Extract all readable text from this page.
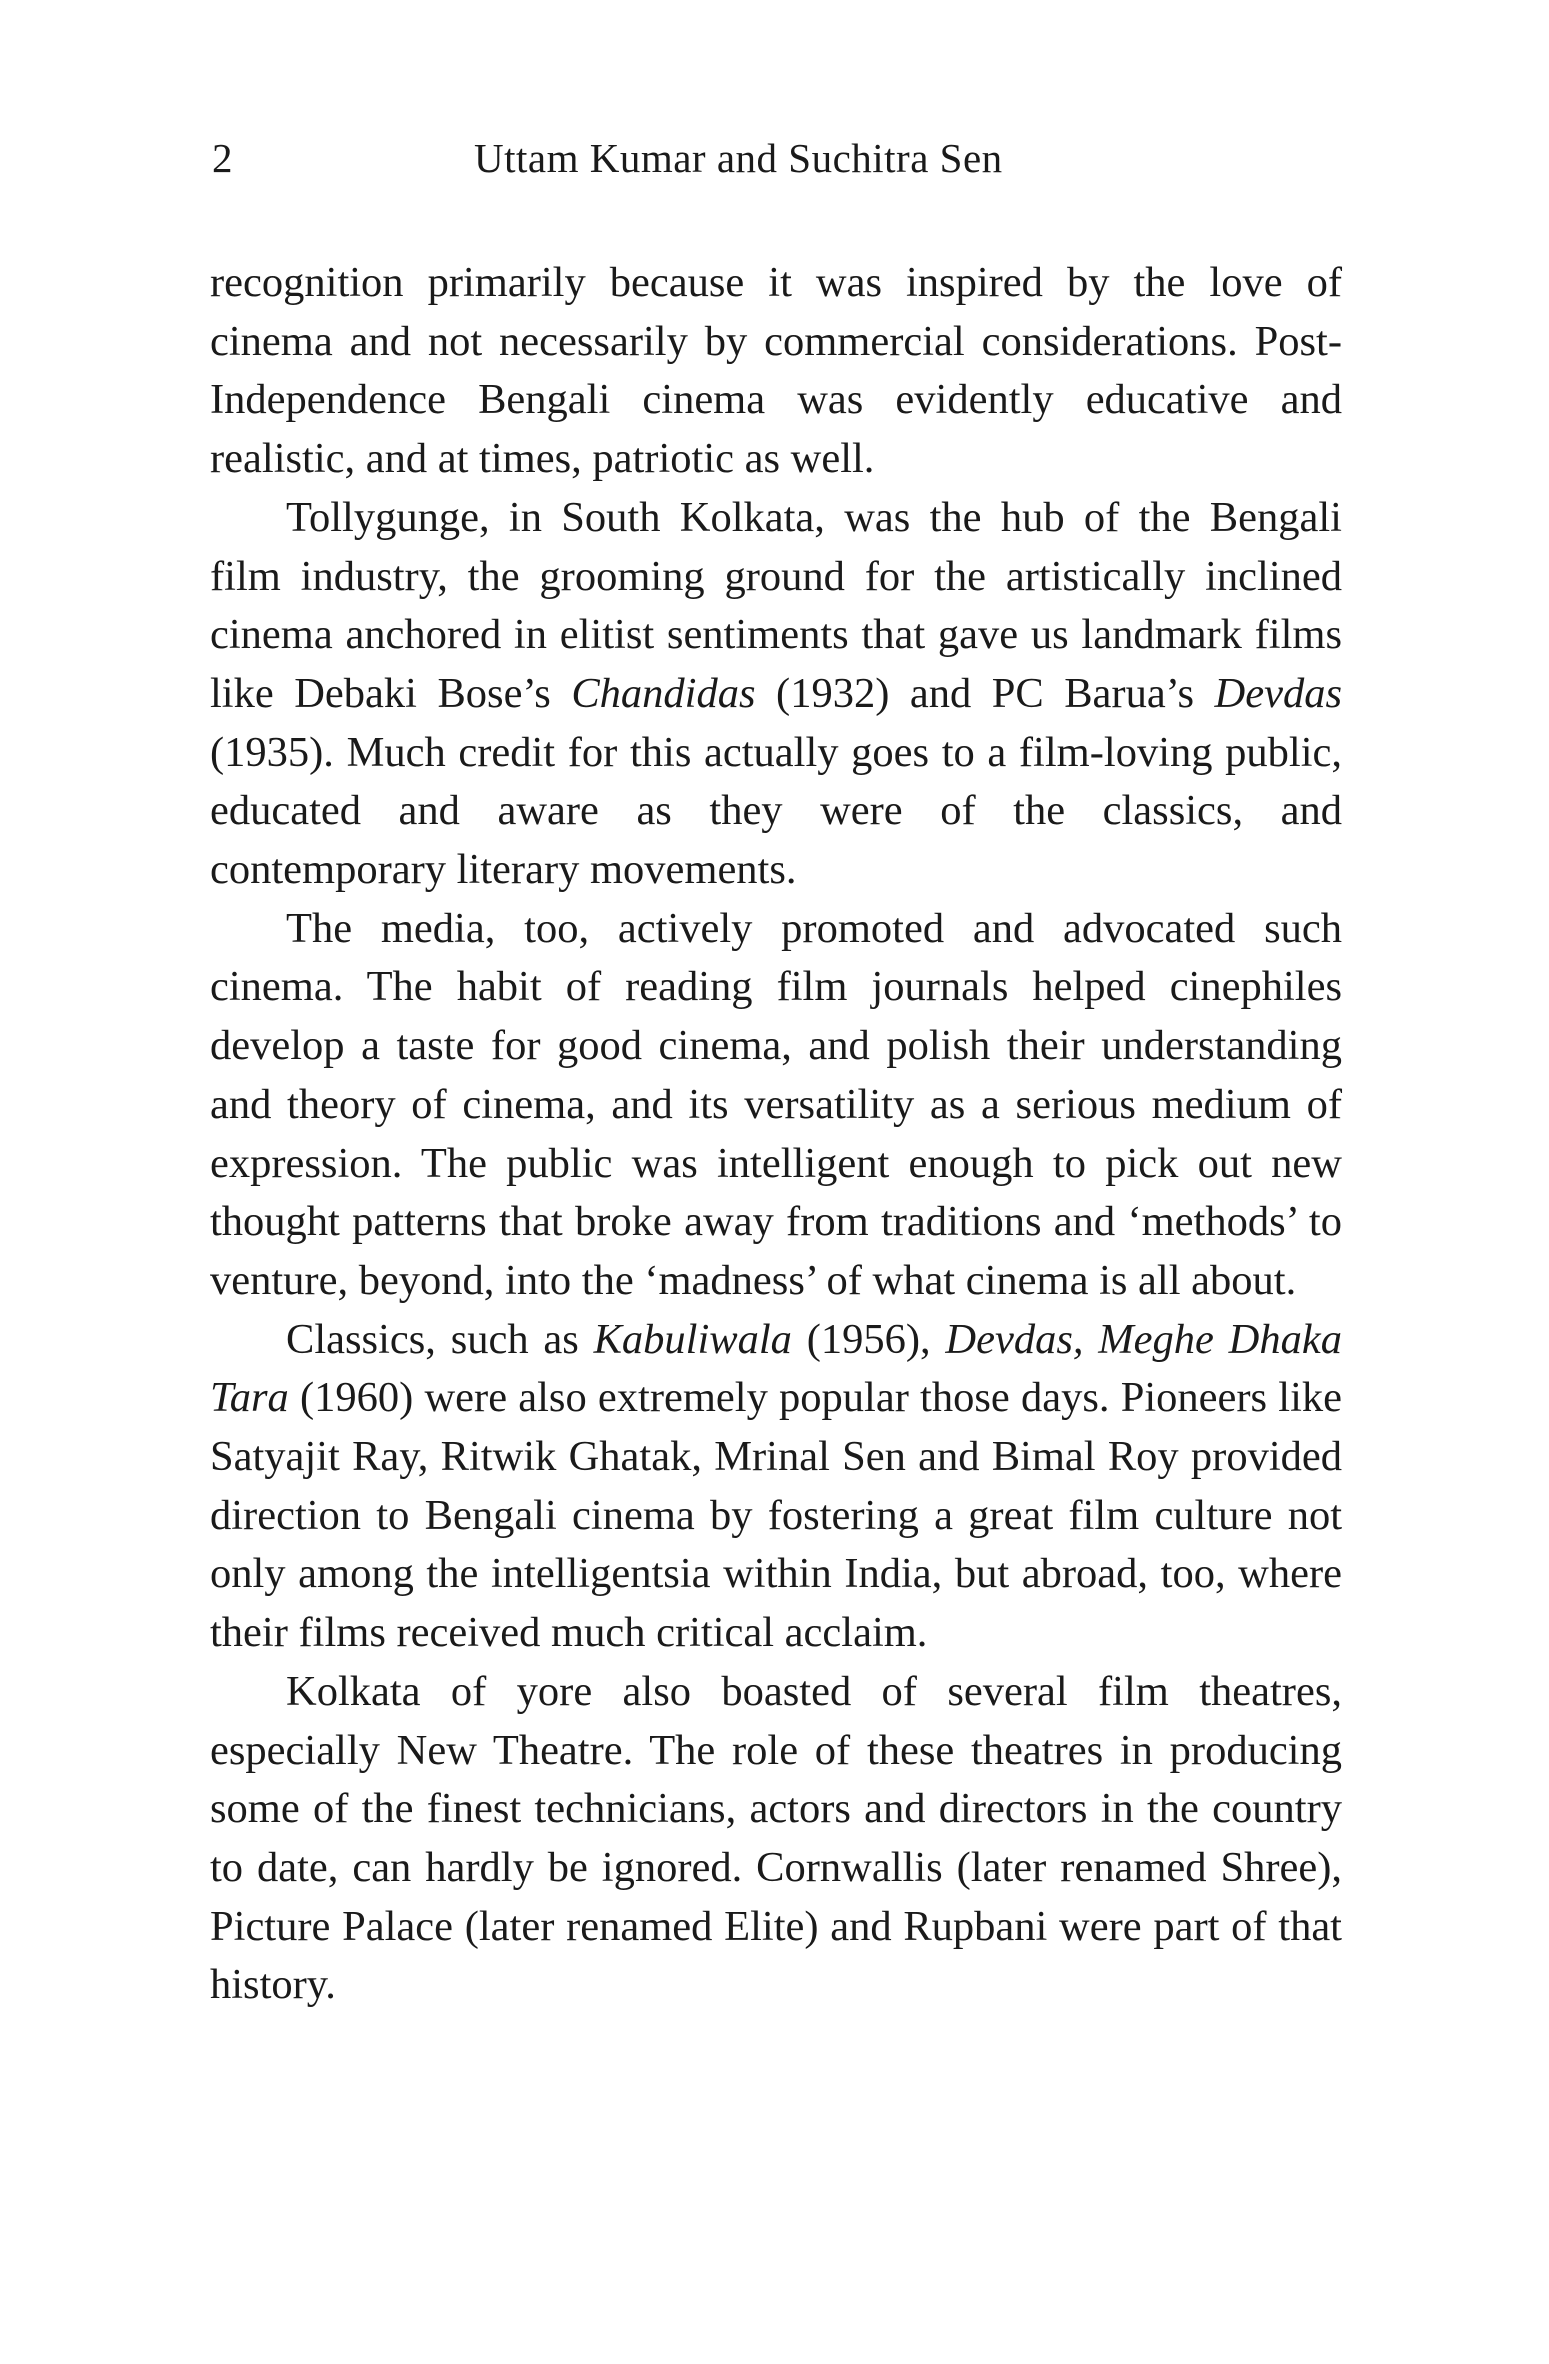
2	Uttam Kumar and Suchitra Sen

recognition primarily because it was inspired by the love of cinema and not necessarily by commercial considerations. Post-Independence Bengali cinema was evidently educative and realistic, and at times, patriotic as well.

Tollygunge, in South Kolkata, was the hub of the Bengali film industry, the grooming ground for the artistically inclined cinema anchored in elitist sentiments that gave us landmark films like Debaki Bose’s Chandidas (1932) and PC Barua’s Devdas (1935). Much credit for this actually goes to a film-loving public, educated and aware as they were of the classics, and contemporary literary movements.

The media, too, actively promoted and advocated such cinema. The habit of reading film journals helped cinephiles develop a taste for good cinema, and polish their understanding and theory of cinema, and its versatility as a serious medium of expression. The public was intelligent enough to pick out new thought patterns that broke away from traditions and ‘methods’ to venture, beyond, into the ‘madness’ of what cinema is all about.

Classics, such as Kabuliwala (1956), Devdas, Meghe Dhaka Tara (1960) were also extremely popular those days. Pioneers like Satyajit Ray, Ritwik Ghatak, Mrinal Sen and Bimal Roy provided direction to Bengali cinema by fostering a great film culture not only among the intelligentsia within India, but abroad, too, where their films received much critical acclaim.

Kolkata of yore also boasted of several film theatres, especially New Theatre. The role of these theatres in producing some of the finest technicians, actors and directors in the country to date, can hardly be ignored. Cornwallis (later renamed Shree), Picture Palace (later renamed Elite) and Rupbani were part of that history.
